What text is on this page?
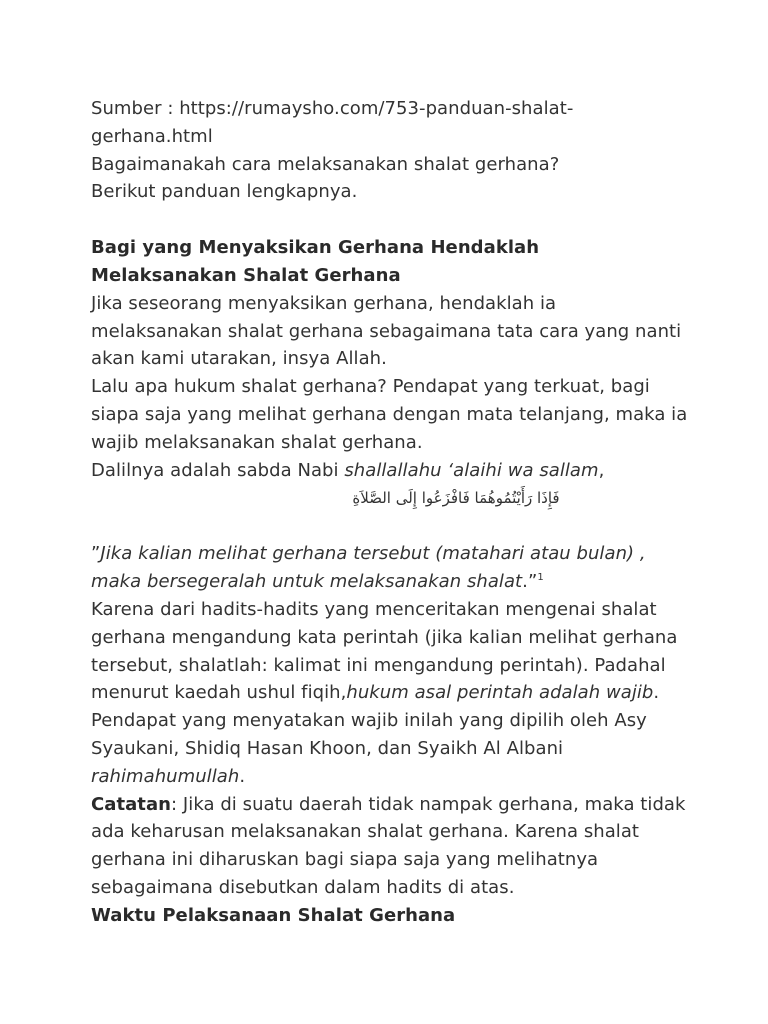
Sumber : https://rumaysho.com/753-panduan-shalat-gerhana.html

Bagaimanakah cara melaksanakan shalat gerhana?

Berikut panduan lengkapnya.

Bagi yang Menyaksikan Gerhana Hendaklah Melaksanakan Shalat Gerhana

Jika seseorang menyaksikan gerhana, hendaklah ia melaksanakan shalat gerhana sebagaimana tata cara yang nanti akan kami utarakan, insya Allah.

Lalu apa hukum shalat gerhana? Pendapat yang terkuat, bagi siapa saja yang melihat gerhana dengan mata telanjang, maka ia wajib melaksanakan shalat gerhana.

Dalilnya adalah sabda Nabi shallallahu ‘alaihi wa sallam,

فَإِذَا رَأَيْتُمُوهُمَا فَافْزَعُوا إِلَى الصَّلاَةِ

”Jika kalian melihat gerhana tersebut (matahari atau bulan) , maka bersegeralah untuk melaksanakan shalat.”$^1$

Karena dari hadits-hadits yang menceritakan mengenai shalat gerhana mengandung kata perintah (jika kalian melihat gerhana tersebut, shalatlah: kalimat ini mengandung perintah). Padahal menurut kaedah ushul fiqih,hukum asal perintah adalah wajib. Pendapat yang menyatakan wajib inilah yang dipilih oleh Asy Syaukani, Shidiq Hasan Khoon, dan Syaikh Al Albani rahimahumullah.

Catatan: Jika di suatu daerah tidak nampak gerhana, maka tidak ada keharusan melaksanakan shalat gerhana. Karena shalat gerhana ini diharuskan bagi siapa saja yang melihatnya sebagaimana disebutkan dalam hadits di atas.

Waktu Pelaksanaan Shalat Gerhana
